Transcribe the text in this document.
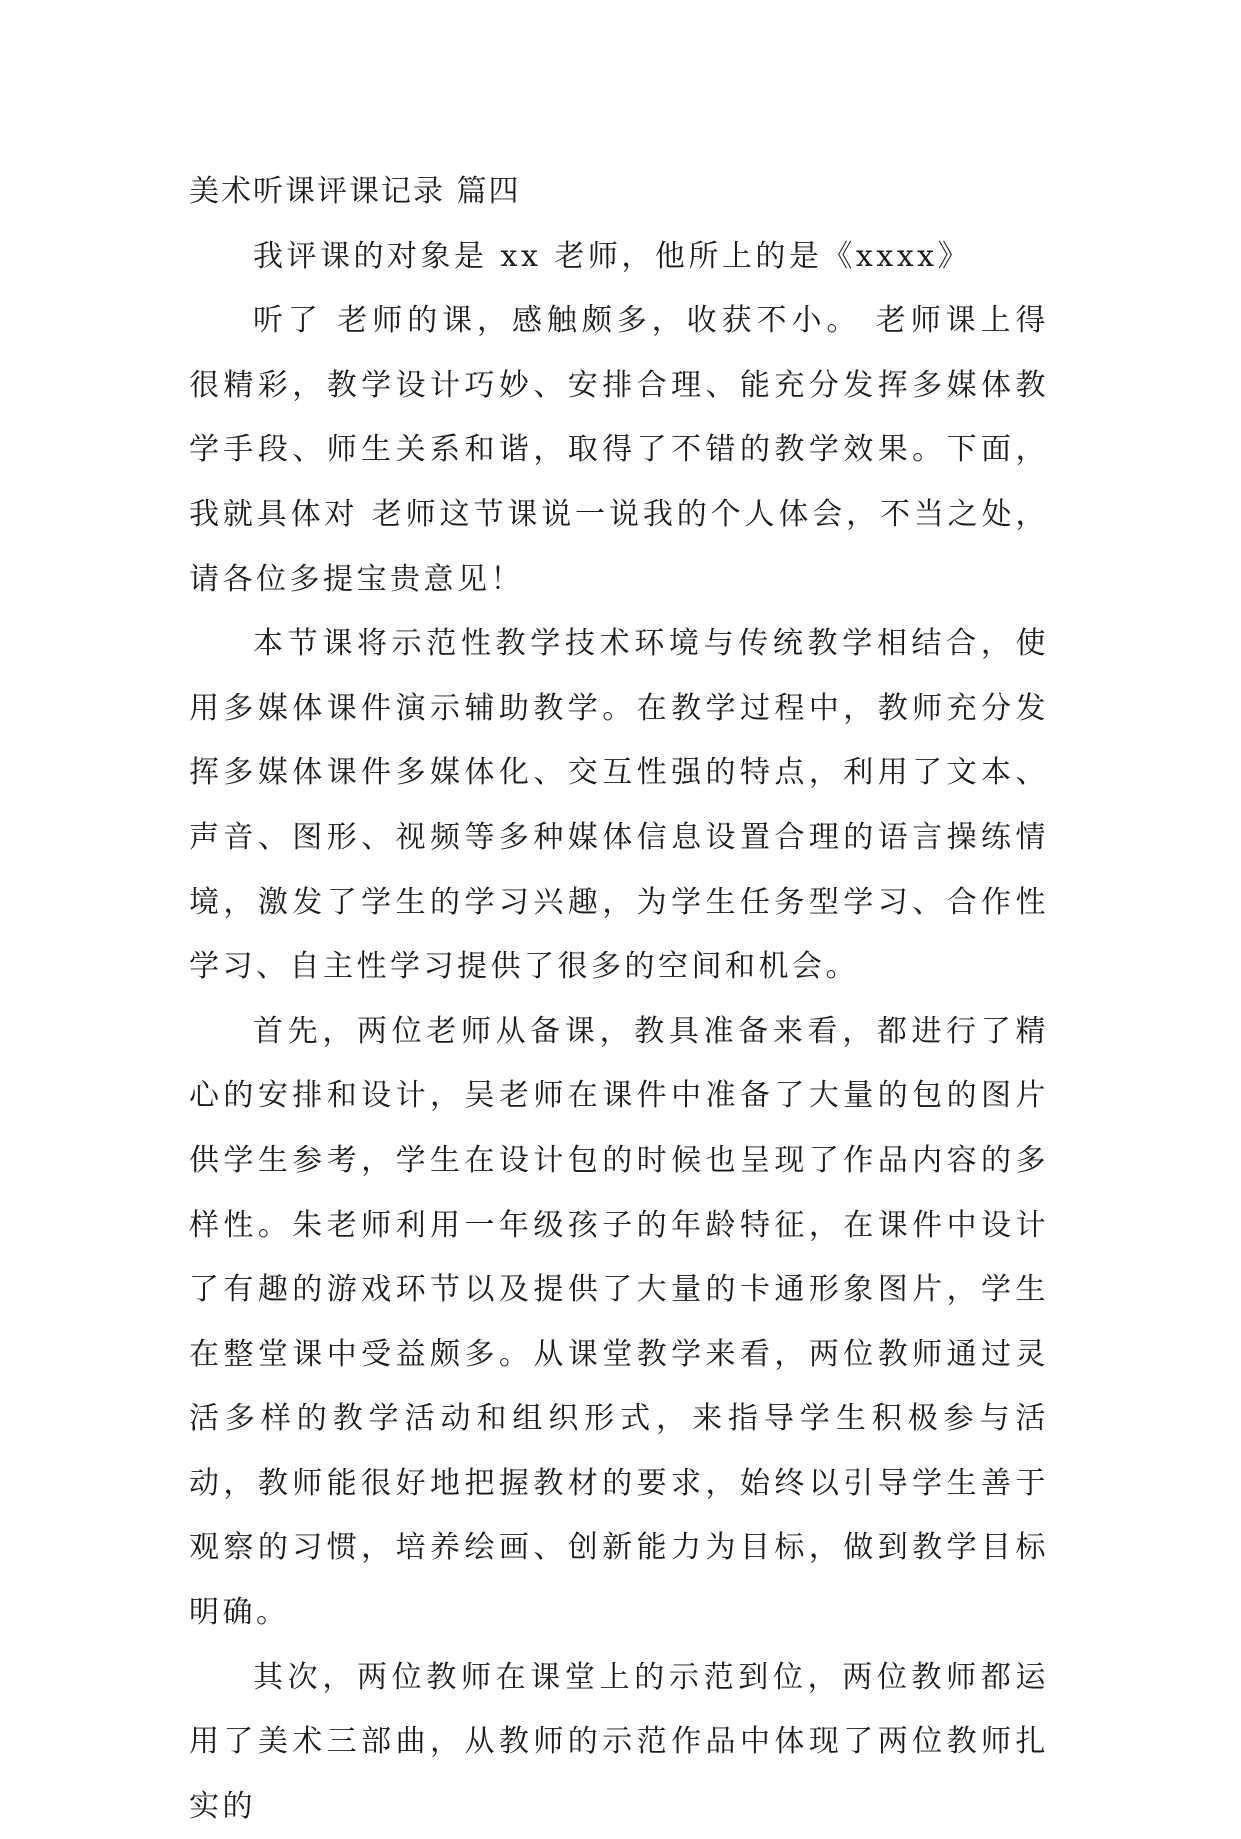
美术听课评课记录 篇四

我评课的对象是 xx 老师，他所上的是《xxxx》

听了 老师的课，感触颇多，收获不小。 老师课上得很精彩，教学设计巧妙、安排合理、能充分发挥多媒体教学手段、师生关系和谐，取得了不错的教学效果。下面，我就具体对 老师这节课说一说我的个人体会，不当之处，请各位多提宝贵意见！

本节课将示范性教学技术环境与传统教学相结合，使用多媒体课件演示辅助教学。在教学过程中，教师充分发挥多媒体课件多媒体化、交互性强的特点，利用了文本、声音、图形、视频等多种媒体信息设置合理的语言操练情境，激发了学生的学习兴趣，为学生任务型学习、合作性学习、自主性学习提供了很多的空间和机会。

首先，两位老师从备课，教具准备来看，都进行了精心的安排和设计，吴老师在课件中准备了大量的包的图片供学生参考，学生在设计包的时候也呈现了作品内容的多样性。朱老师利用一年级孩子的年龄特征，在课件中设计了有趣的游戏环节以及提供了大量的卡通形象图片，学生在整堂课中受益颇多。从课堂教学来看，两位教师通过灵活多样的教学活动和组织形式，来指导学生积极参与活动，教师能很好地把握教材的要求，始终以引导学生善于观察的习惯，培养绘画、创新能力为目标，做到教学目标明确。

其次，两位教师在课堂上的示范到位，两位教师都运用了美术三部曲，从教师的示范作品中体现了两位教师扎实的
